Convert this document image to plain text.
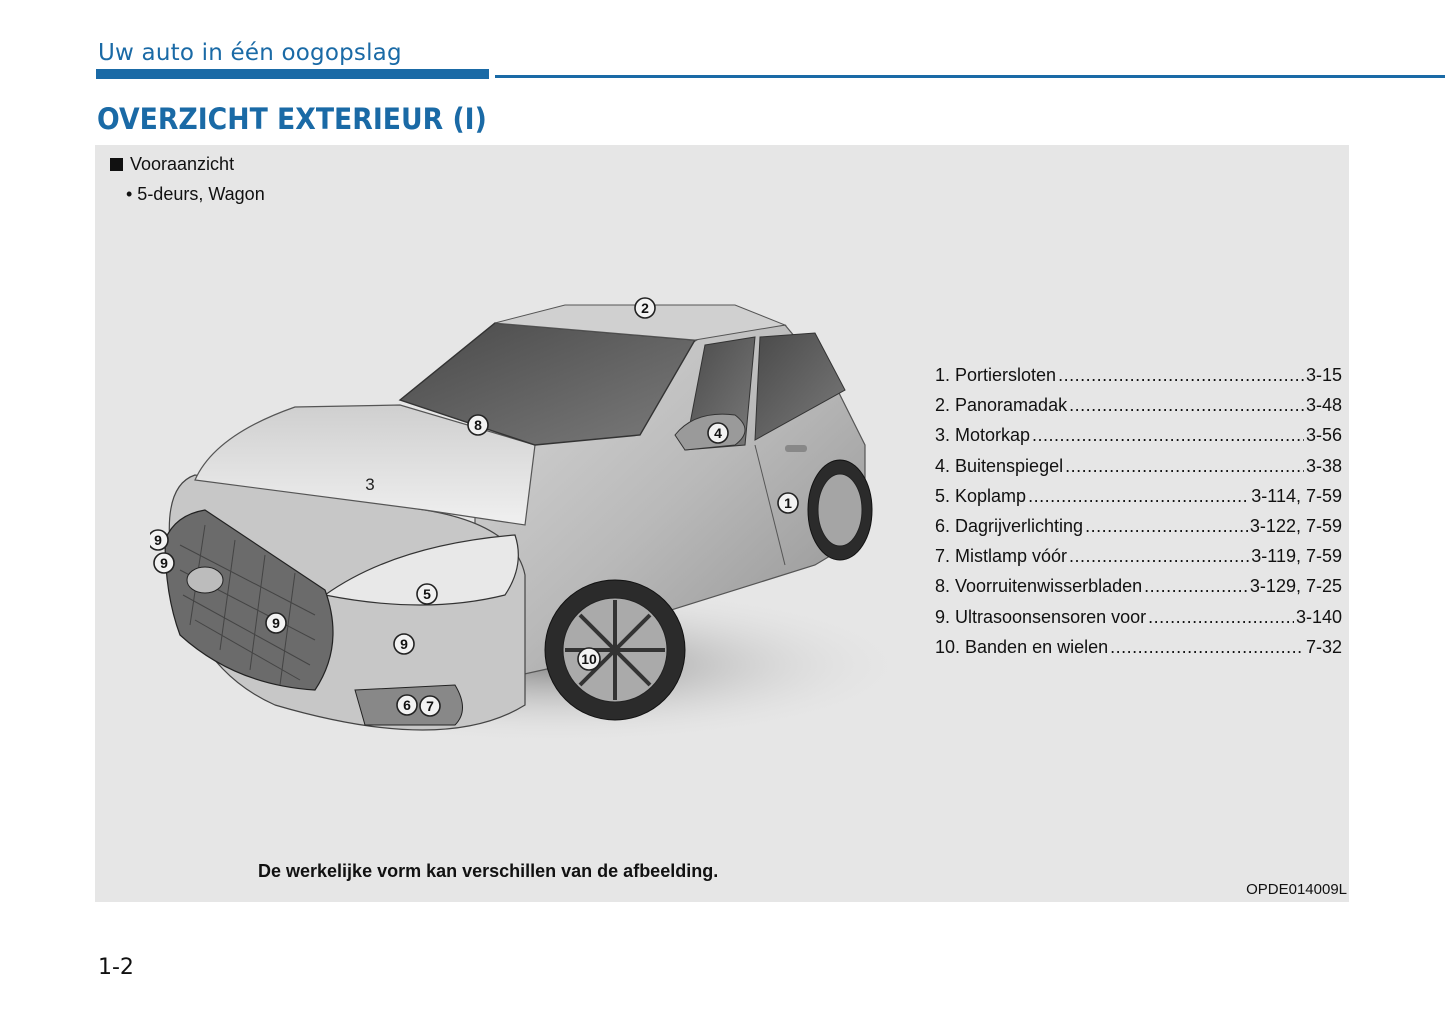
Uw auto in één oogopslag
OVERZICHT EXTERIEUR (I)
Vooraanzicht
• 5-deurs, Wagon
1
2
3
4
5
6 7
8
9
9
9
9
10
1. Portiersloten .....	3-15
2. Panoramadak .....	3-48
3. Motorkap .....	3-56
4. Buitenspiegel .....	3-38
5. Koplamp .....	3-114, 7-59
6. Dagrijverlichting .....	3-122, 7-59
7. Mistlamp vóór .....	3-119, 7-59
8. Voorruitenwisserbladen .....	3-129, 7-25
9. Ultrasoonsensoren voor .....	3-140
10. Banden en wielen .....	7-32
De werkelijke vorm kan verschillen van de afbeelding.
OPDE014009L
1-2
